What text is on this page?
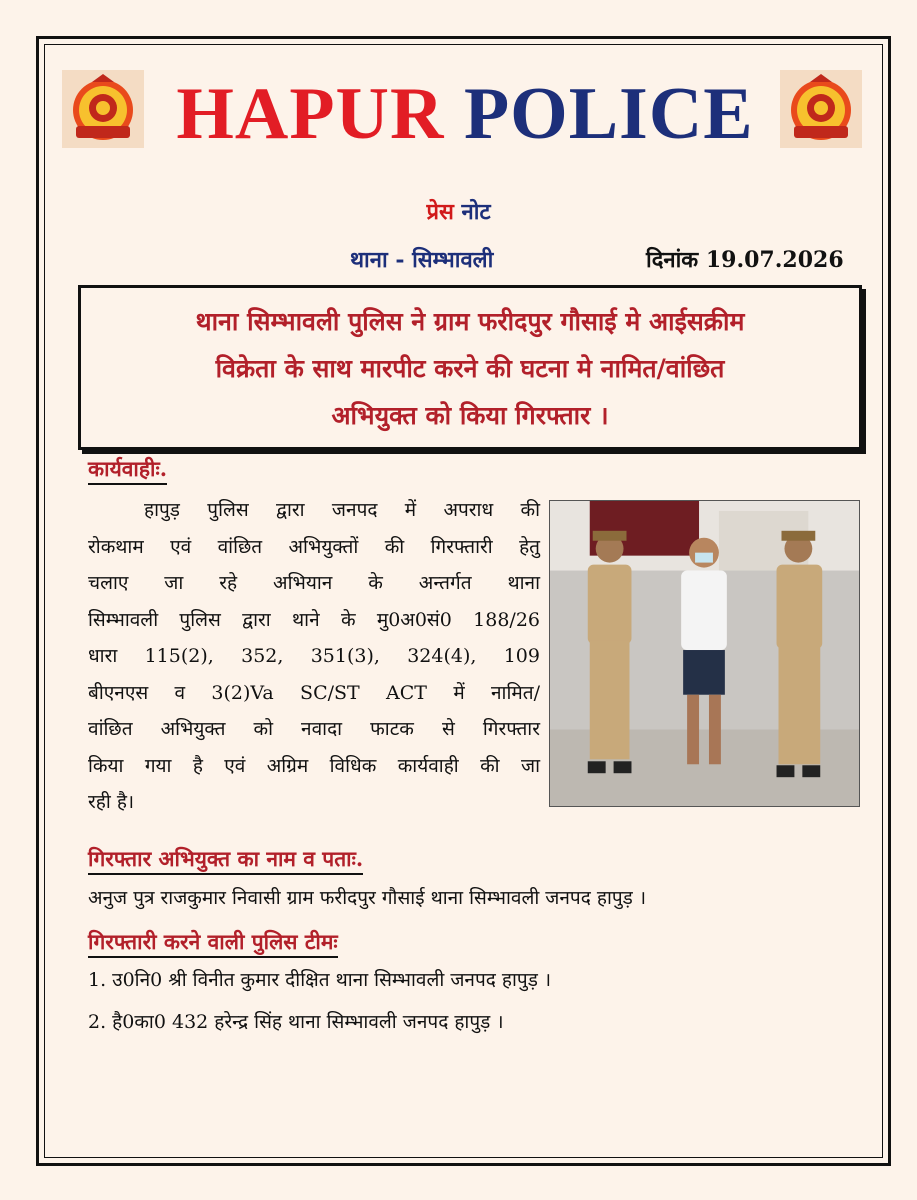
HAPUR POLICE
प्रेस नोट
थाना - सिम्भावली	दिनांक 19.07.2026
थाना सिम्भावली पुलिस ने ग्राम फरीदपुर गौसाई मे आईसक्रीम
विक्रेता के साथ मारपीट करने की घटना मे नामित/वांछित
अभियुक्त को किया गिरफ्तार ।
कार्यवाहीः.
हापुड़ पुलिस द्वारा जनपद में अपराध की
रोकथाम एवं वांछित अभियुक्तों की गिरफ्तारी हेतु
चलाए जा रहे अभियान के अन्तर्गत थाना
सिम्भावली पुलिस द्वारा थाने के मु0अ0सं0 188/26
धारा 115(2), 352, 351(3), 324(4), 109
बीएनएस व 3(2)Va SC/ST ACT में नामित/
वांछित अभियुक्त को नवादा फाटक से गिरफ्तार
किया गया है एवं अग्रिम विधिक कार्यवाही की जा
रही है।
गिरफ्तार अभियुक्त का नाम व पताः.
अनुज पुत्र राजकुमार निवासी ग्राम फरीदपुर गौसाई थाना सिम्भावली जनपद हापुड़ ।
गिरफ्तारी करने वाली पुलिस टीमः
1. उ0नि0 श्री विनीत कुमार दीक्षित थाना सिम्भावली जनपद हापुड़ ।
2. है0का0 432 हरेन्द्र सिंह थाना सिम्भावली जनपद हापुड़ ।
